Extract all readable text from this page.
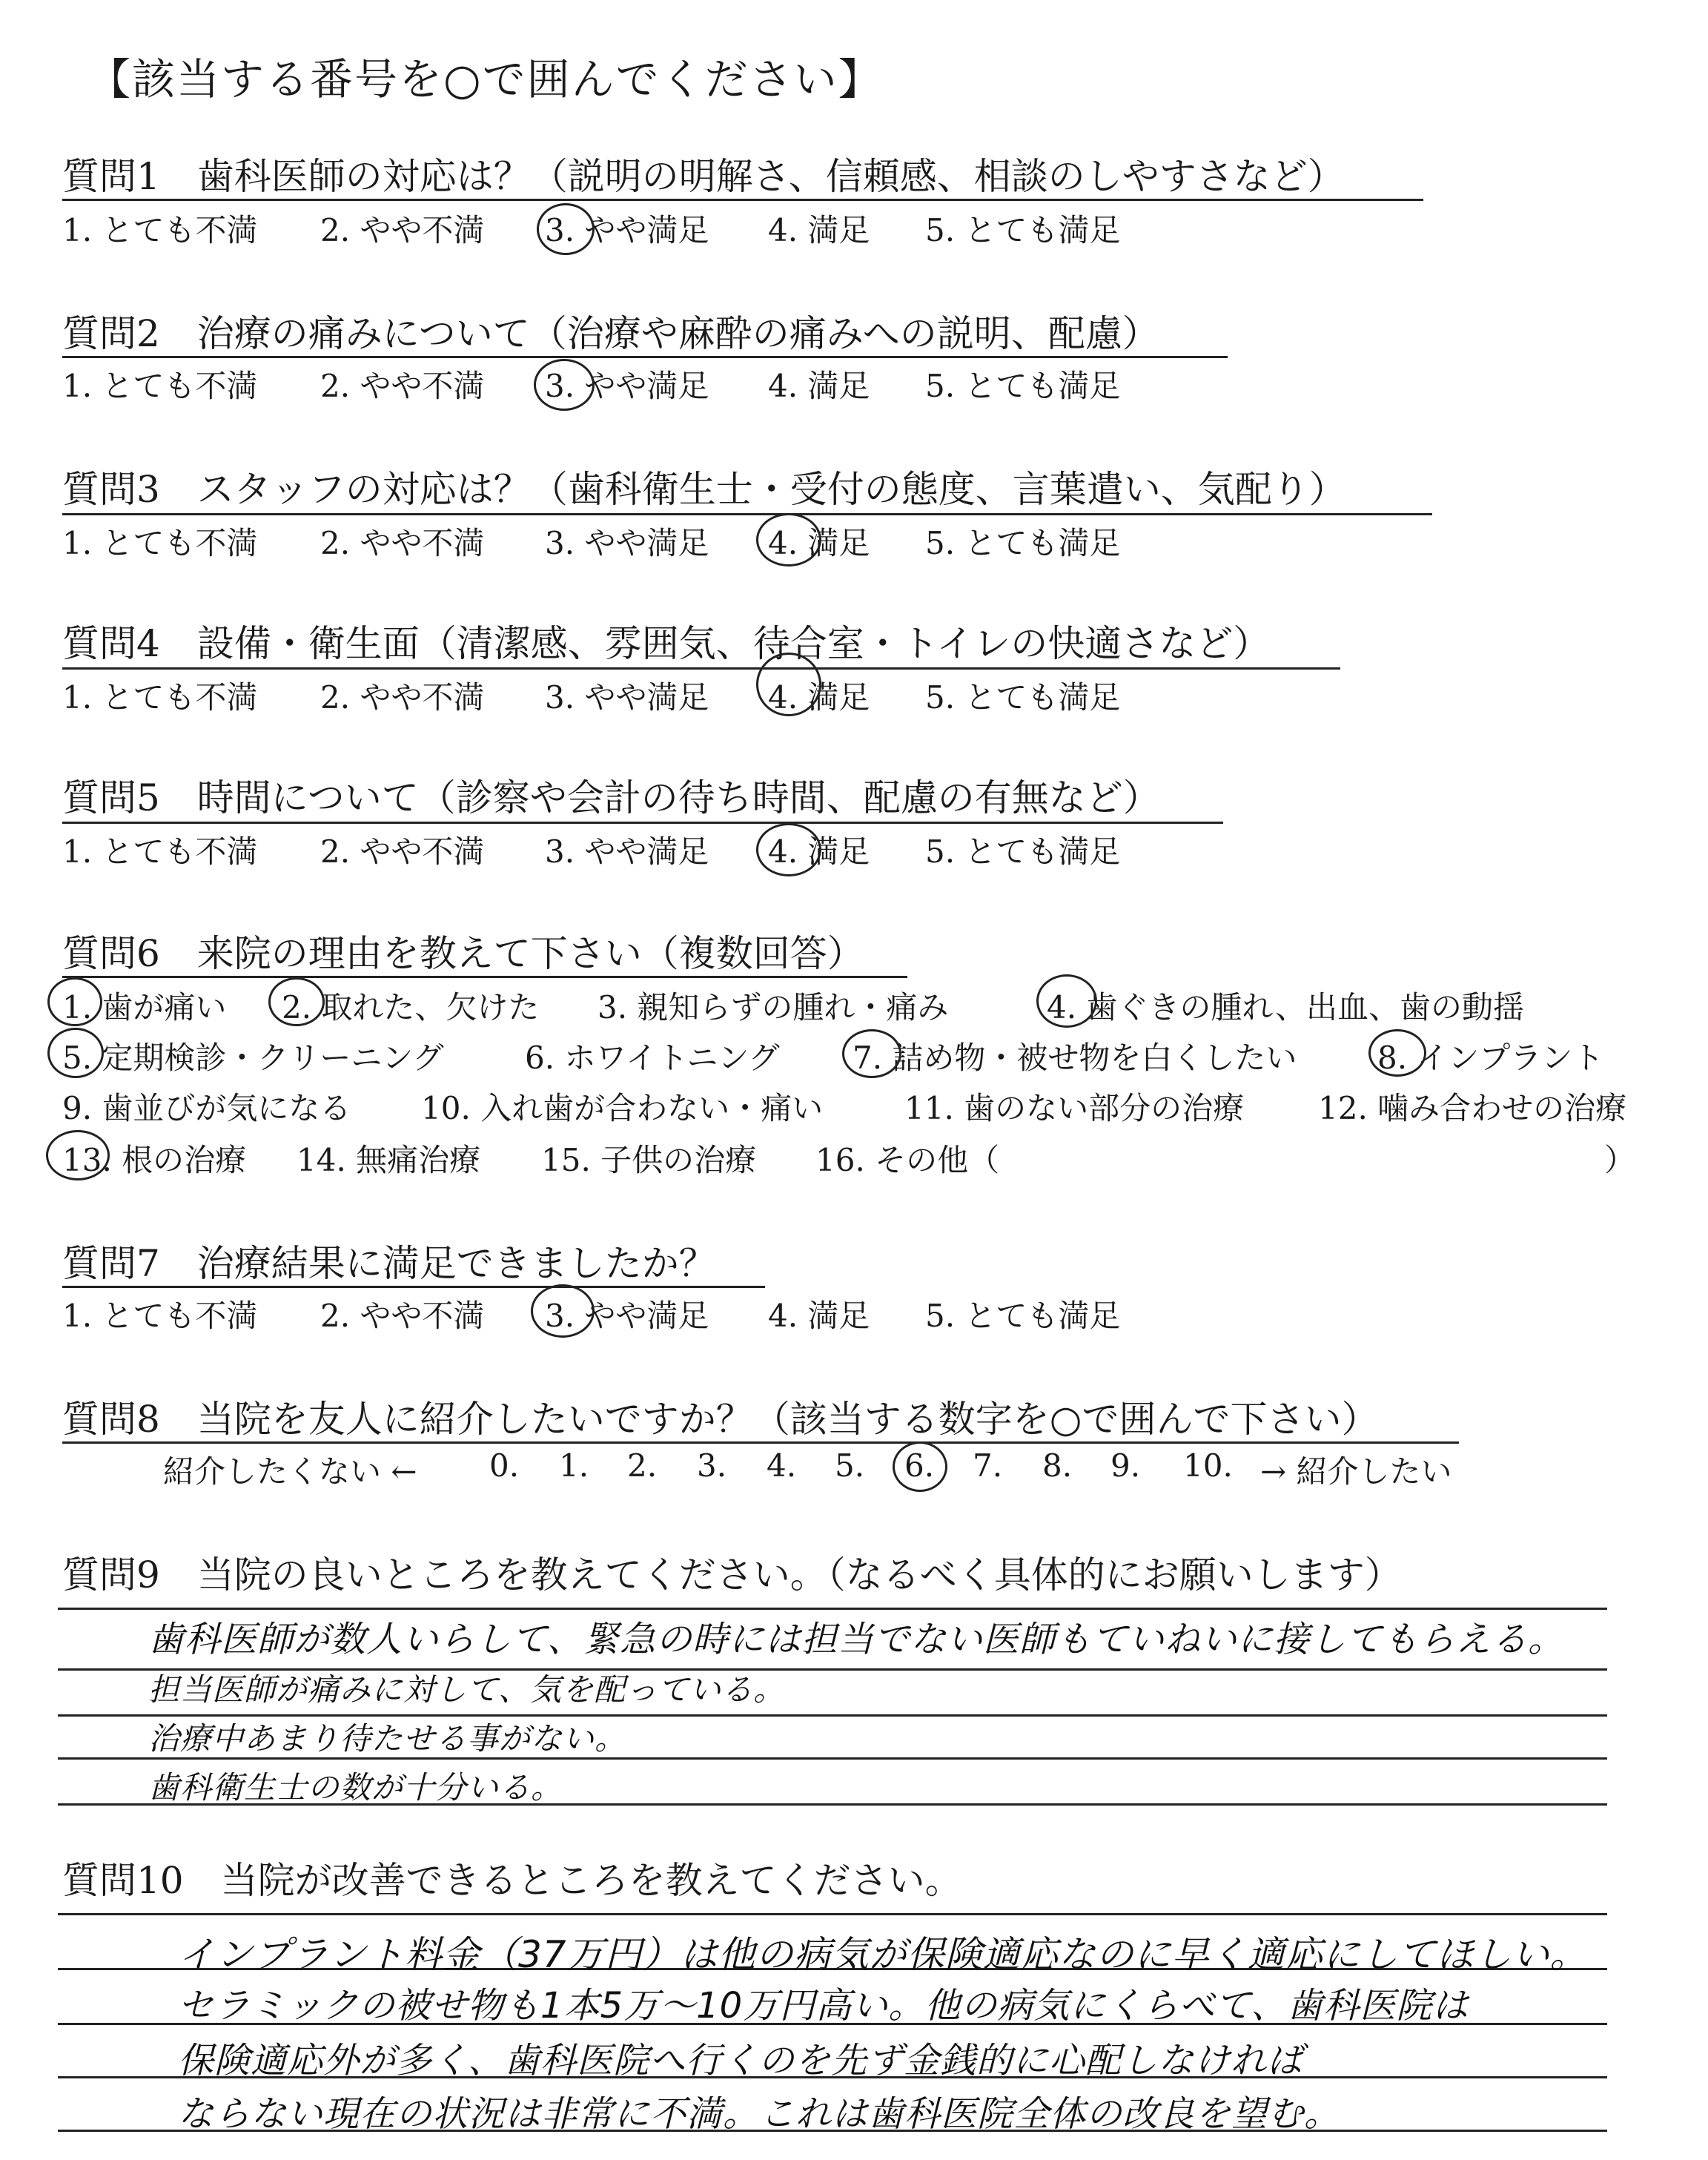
【該当する番号を○で囲んでください】
質問1　歯科医師の対応は？（説明の明解さ、信頼感、相談のしやすさなど）
1. とても不満 2. やや不満 3. やや満足 4. 満足 5. とても満足
質問2　治療の痛みについて（治療や麻酔の痛みへの説明、配慮）
1. とても不満 2. やや不満 3. やや満足 4. 満足 5. とても満足
質問3　スタッフの対応は？（歯科衛生士・受付の態度、言葉遣い、気配り）
1. とても不満 2. やや不満 3. やや満足 4. 満足 5. とても満足
質問4　設備・衛生面（清潔感、雰囲気、待合室・トイレの快適さなど）
1. とても不満 2. やや不満 3. やや満足 4. 満足 5. とても満足
質問5　時間について（診察や会計の待ち時間、配慮の有無など）
1. とても不満 2. やや不満 3. やや満足 4. 満足 5. とても満足
質問6　来院の理由を教えて下さい（複数回答）
1. 歯が痛い 2. 取れた、欠けた 3. 親知らずの腫れ・痛み	4. 歯ぐきの腫れ、出血、歯の動揺
5. 定期検診・クリーニング	6. ホワイトニング 7. 詰め物・被せ物を白くしたい	8. インプラント
9. 歯並びが気になる 10. 入れ歯が合わない・痛い	11. 歯のない部分の治療 12. 噛み合わせの治療
13. 根の治療 14. 無痛治療 15. 子供の治療 16. その他（	）
質問7　治療結果に満足できましたか？
1. とても不満 2. やや不満 3. やや満足 4. 満足 5. とても満足
質問8　当院を友人に紹介したいですか？（該当する数字を○で囲んで下さい）
紹介したくない ← 0. 1. 2. 3. 4. 5. 6. 7. 8. 9. 10. → 紹介したい
質問9　当院の良いところを教えてください。（なるべく具体的にお願いします）
歯科医師が数人いらして、緊急の時には担当でない医師もていねいに接してもらえる。
担当医師が痛みに対して、気を配っている。
治療中あまり待たせる事がない。
歯科衛生士の数が十分いる。
質問10　当院が改善できるところを教えてください。
インプラント料金（37万円）は他の病気が保険適応なのに早く適応にしてほしい。
セラミックの被せ物も1本5万〜10万円高い。他の病気にくらべて、歯科医院は
保険適応外が多く、歯科医院へ行くのを先ず金銭的に心配しなければ
ならない現在の状況は非常に不満。これは歯科医院全体の改良を望む。
